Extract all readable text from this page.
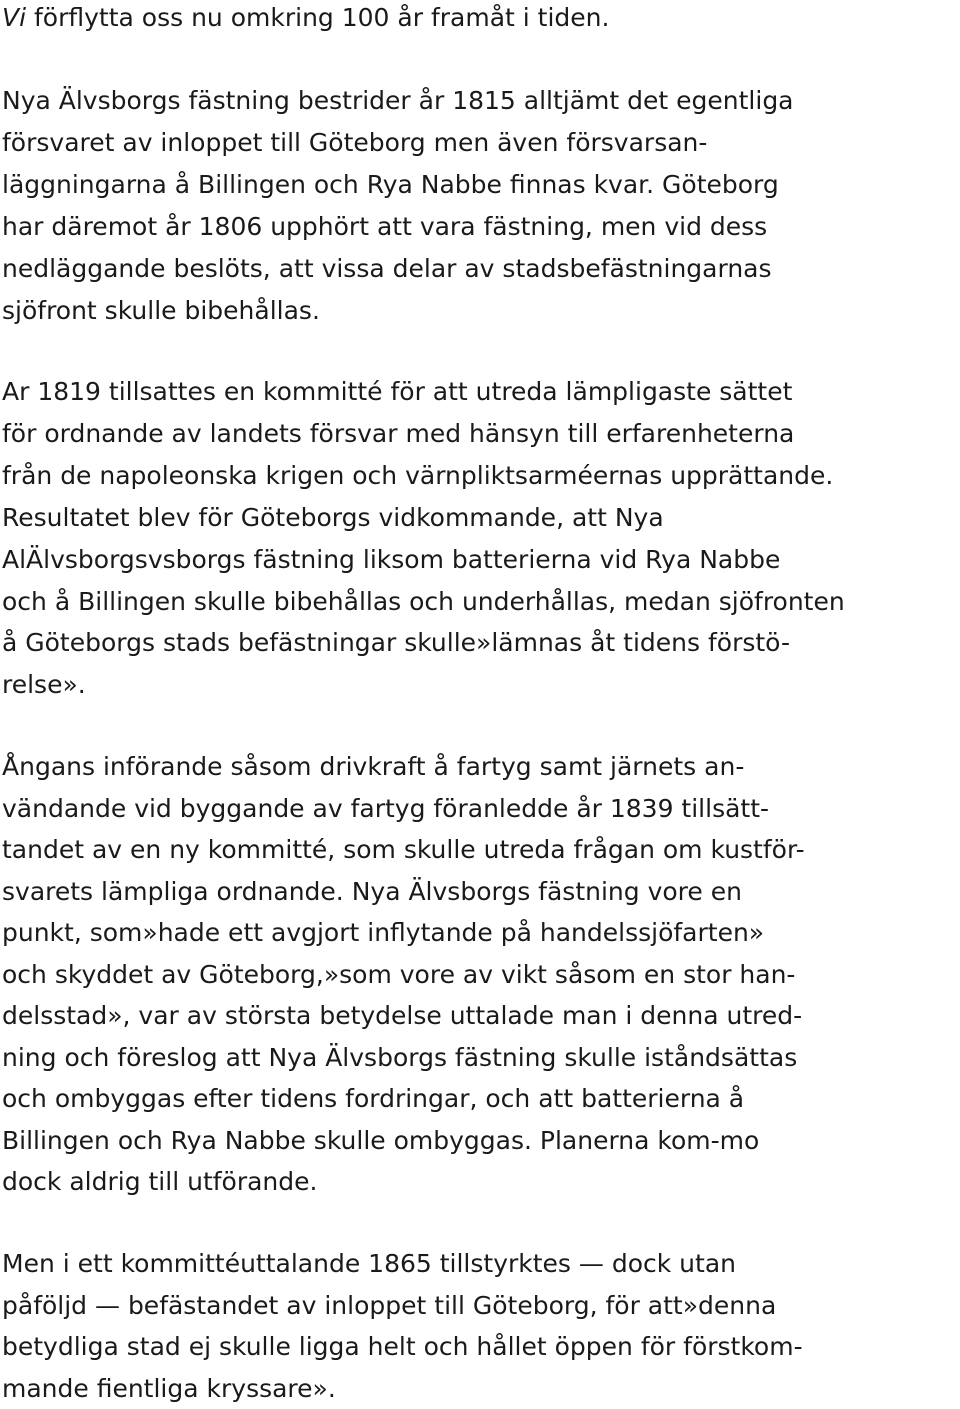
Vi förflytta oss nu omkring 100 år framåt i tiden.
Nya Älvsborgs fästning bestrider år 1815 alltjämt det egentliga
försvaret av inloppet till Göteborg men även försvarsan-
läggningarna å Billingen och Rya Nabbe finnas kvar. Göteborg
har däremot år 1806 upphört att vara fästning, men vid dess
nedläggande beslöts, att vissa delar av stadsbefästningarnas
sjöfront skulle bibehållas.
Ar 1819 tillsattes en kommitté för att utreda lämpligaste sättet
för ordnande av landets försvar med hänsyn till erfarenheterna
från de napoleonska krigen och värnpliktsarméernas upprättande.
Resultatet blev för Göteborgs vidkommande, att Nya
AlÄlvsborgsvsborgs fästning liksom batterierna vid Rya Nabbe
och å Billingen skulle bibehållas och underhållas, medan sjöfronten
å Göteborgs stads befästningar skulle»lämnas åt tidens förstö-
relse».
Ångans införande såsom drivkraft å fartyg samt järnets an-
vändande vid byggande av fartyg föranledde år 1839 tillsätt-
tandet av en ny kommitté, som skulle utreda frågan om kustför-
svarets lämpliga ordnande. Nya Älvsborgs fästning vore en
punkt, som»hade ett avgjort inflytande på handelssjöfarten»
och skyddet av Göteborg,»som vore av vikt såsom en stor han-
delsstad», var av största betydelse uttalade man i denna utred-
ning och föreslog att Nya Älvsborgs fästning skulle iståndsättas
och ombyggas efter tidens fordringar, och att batterierna å
Billingen och Rya Nabbe skulle ombyggas. Planerna kom-mo
dock aldrig till utförande.
Men i ett kommittéuttalande 1865 tillstyrktes — dock utan
påföljd — befästandet av inloppet till Göteborg, för att»denna
betydliga stad ej skulle ligga helt och hållet öppen för förstkom-
mande fientliga kryssare».
